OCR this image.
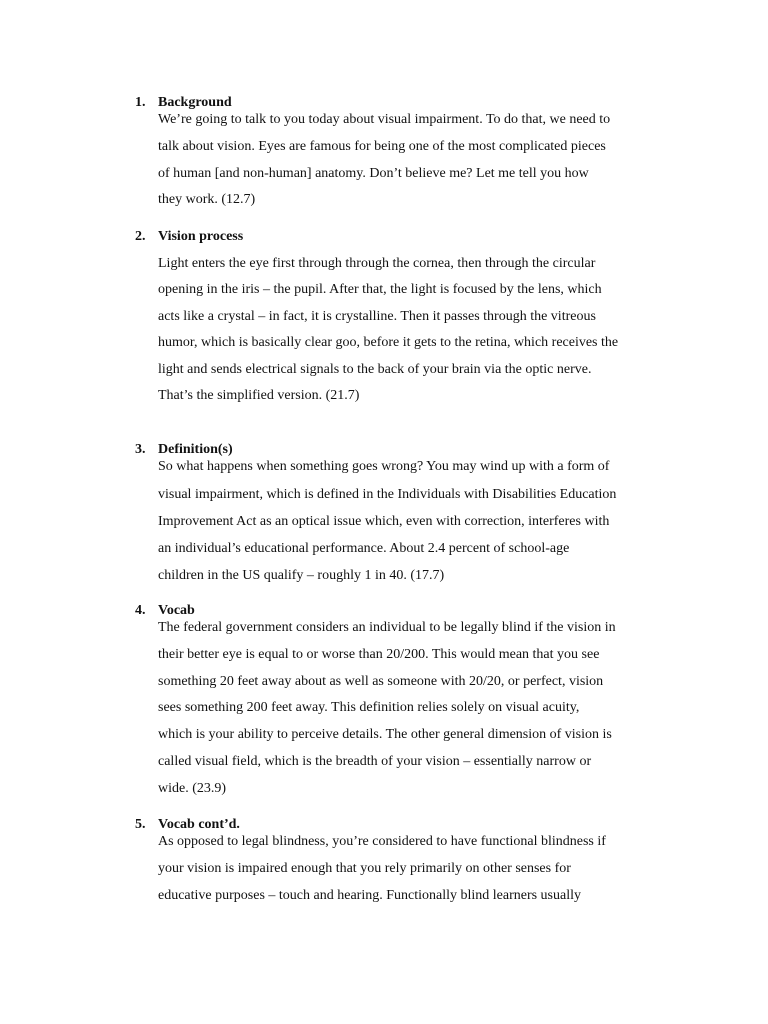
1. Background
We’re going to talk to you today about visual impairment. To do that, we need to
talk about vision. Eyes are famous for being one of the most complicated pieces
of human [and non-human] anatomy. Don’t believe me? Let me tell you how
they work. (12.7)
2. Vision process
Light enters the eye first through through the cornea, then through the circular
opening in the iris – the pupil. After that, the light is focused by the lens, which
acts like a crystal – in fact, it is crystalline. Then it passes through the vitreous
humor, which is basically clear goo, before it gets to the retina, which receives the
light and sends electrical signals to the back of your brain via the optic nerve.
That’s the simplified version. (21.7)
3. Definition(s)
So what happens when something goes wrong? You may wind up with a form of
visual impairment, which is defined in the Individuals with Disabilities Education
Improvement Act as an optical issue which, even with correction, interferes with
an individual’s educational performance. About 2.4 percent of school-age
children in the US qualify – roughly 1 in 40. (17.7)
4. Vocab
The federal government considers an individual to be legally blind if the vision in
their better eye is equal to or worse than 20/200. This would mean that you see
something 20 feet away about as well as someone with 20/20, or perfect, vision
sees something 200 feet away. This definition relies solely on visual acuity,
which is your ability to perceive details. The other general dimension of vision is
called visual field, which is the breadth of your vision – essentially narrow or
wide. (23.9)
5. Vocab cont’d.
As opposed to legal blindness, you’re considered to have functional blindness if
your vision is impaired enough that you rely primarily on other senses for
educative purposes – touch and hearing. Functionally blind learners usually
